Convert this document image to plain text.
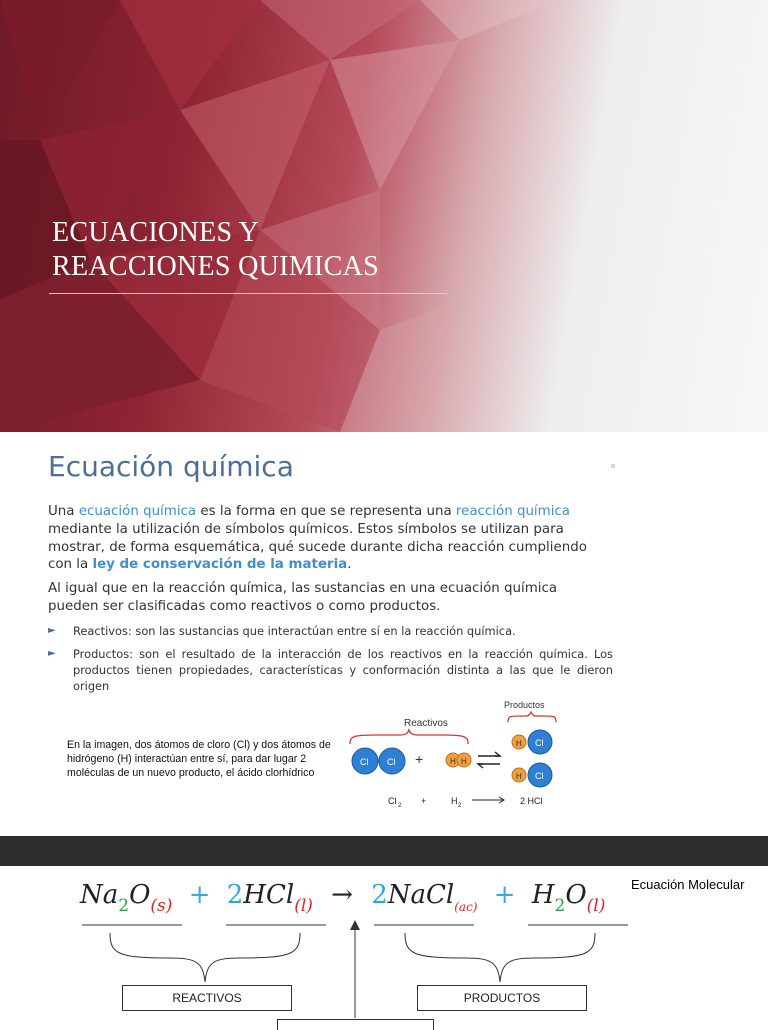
ECUACIONES Y
REACCIONES QUIMICAS
Ecuación química
Una ecuación química es la forma en que se representa una reacción química mediante la utilización de símbolos químicos. Estos símbolos se utilizan para mostrar, de forma esquemática, qué sucede durante dicha reacción cumpliendo con la ley de conservación de la materia.
Al igual que en la reacción química, las sustancias en una ecuación química pueden ser clasificadas como reactivos o como productos.
► Reactivos: son las sustancias que interactúan entre sí en la reacción química.
► Productos: son el resultado de la interacción de los reactivos en la reacción química. Los productos tienen propiedades, características y conformación distinta a las que le dieron origen
En la imagen, dos átomos de cloro (Cl) y dos átomos de hidrógeno (H) interactúan entre sí, para dar lugar 2 moléculas de un nuevo producto, el ácido clorhídrico
Reactivos
Productos
Cl Cl +	H H
H Cl
H Cl
Cl 2 +	H 2	2 HCl
Ecuación Molecular
Na2O(s) + 2HCl(l) → 2NaCl(ac) + H2O(l)
REACTIVOS	PRODUCTOS
